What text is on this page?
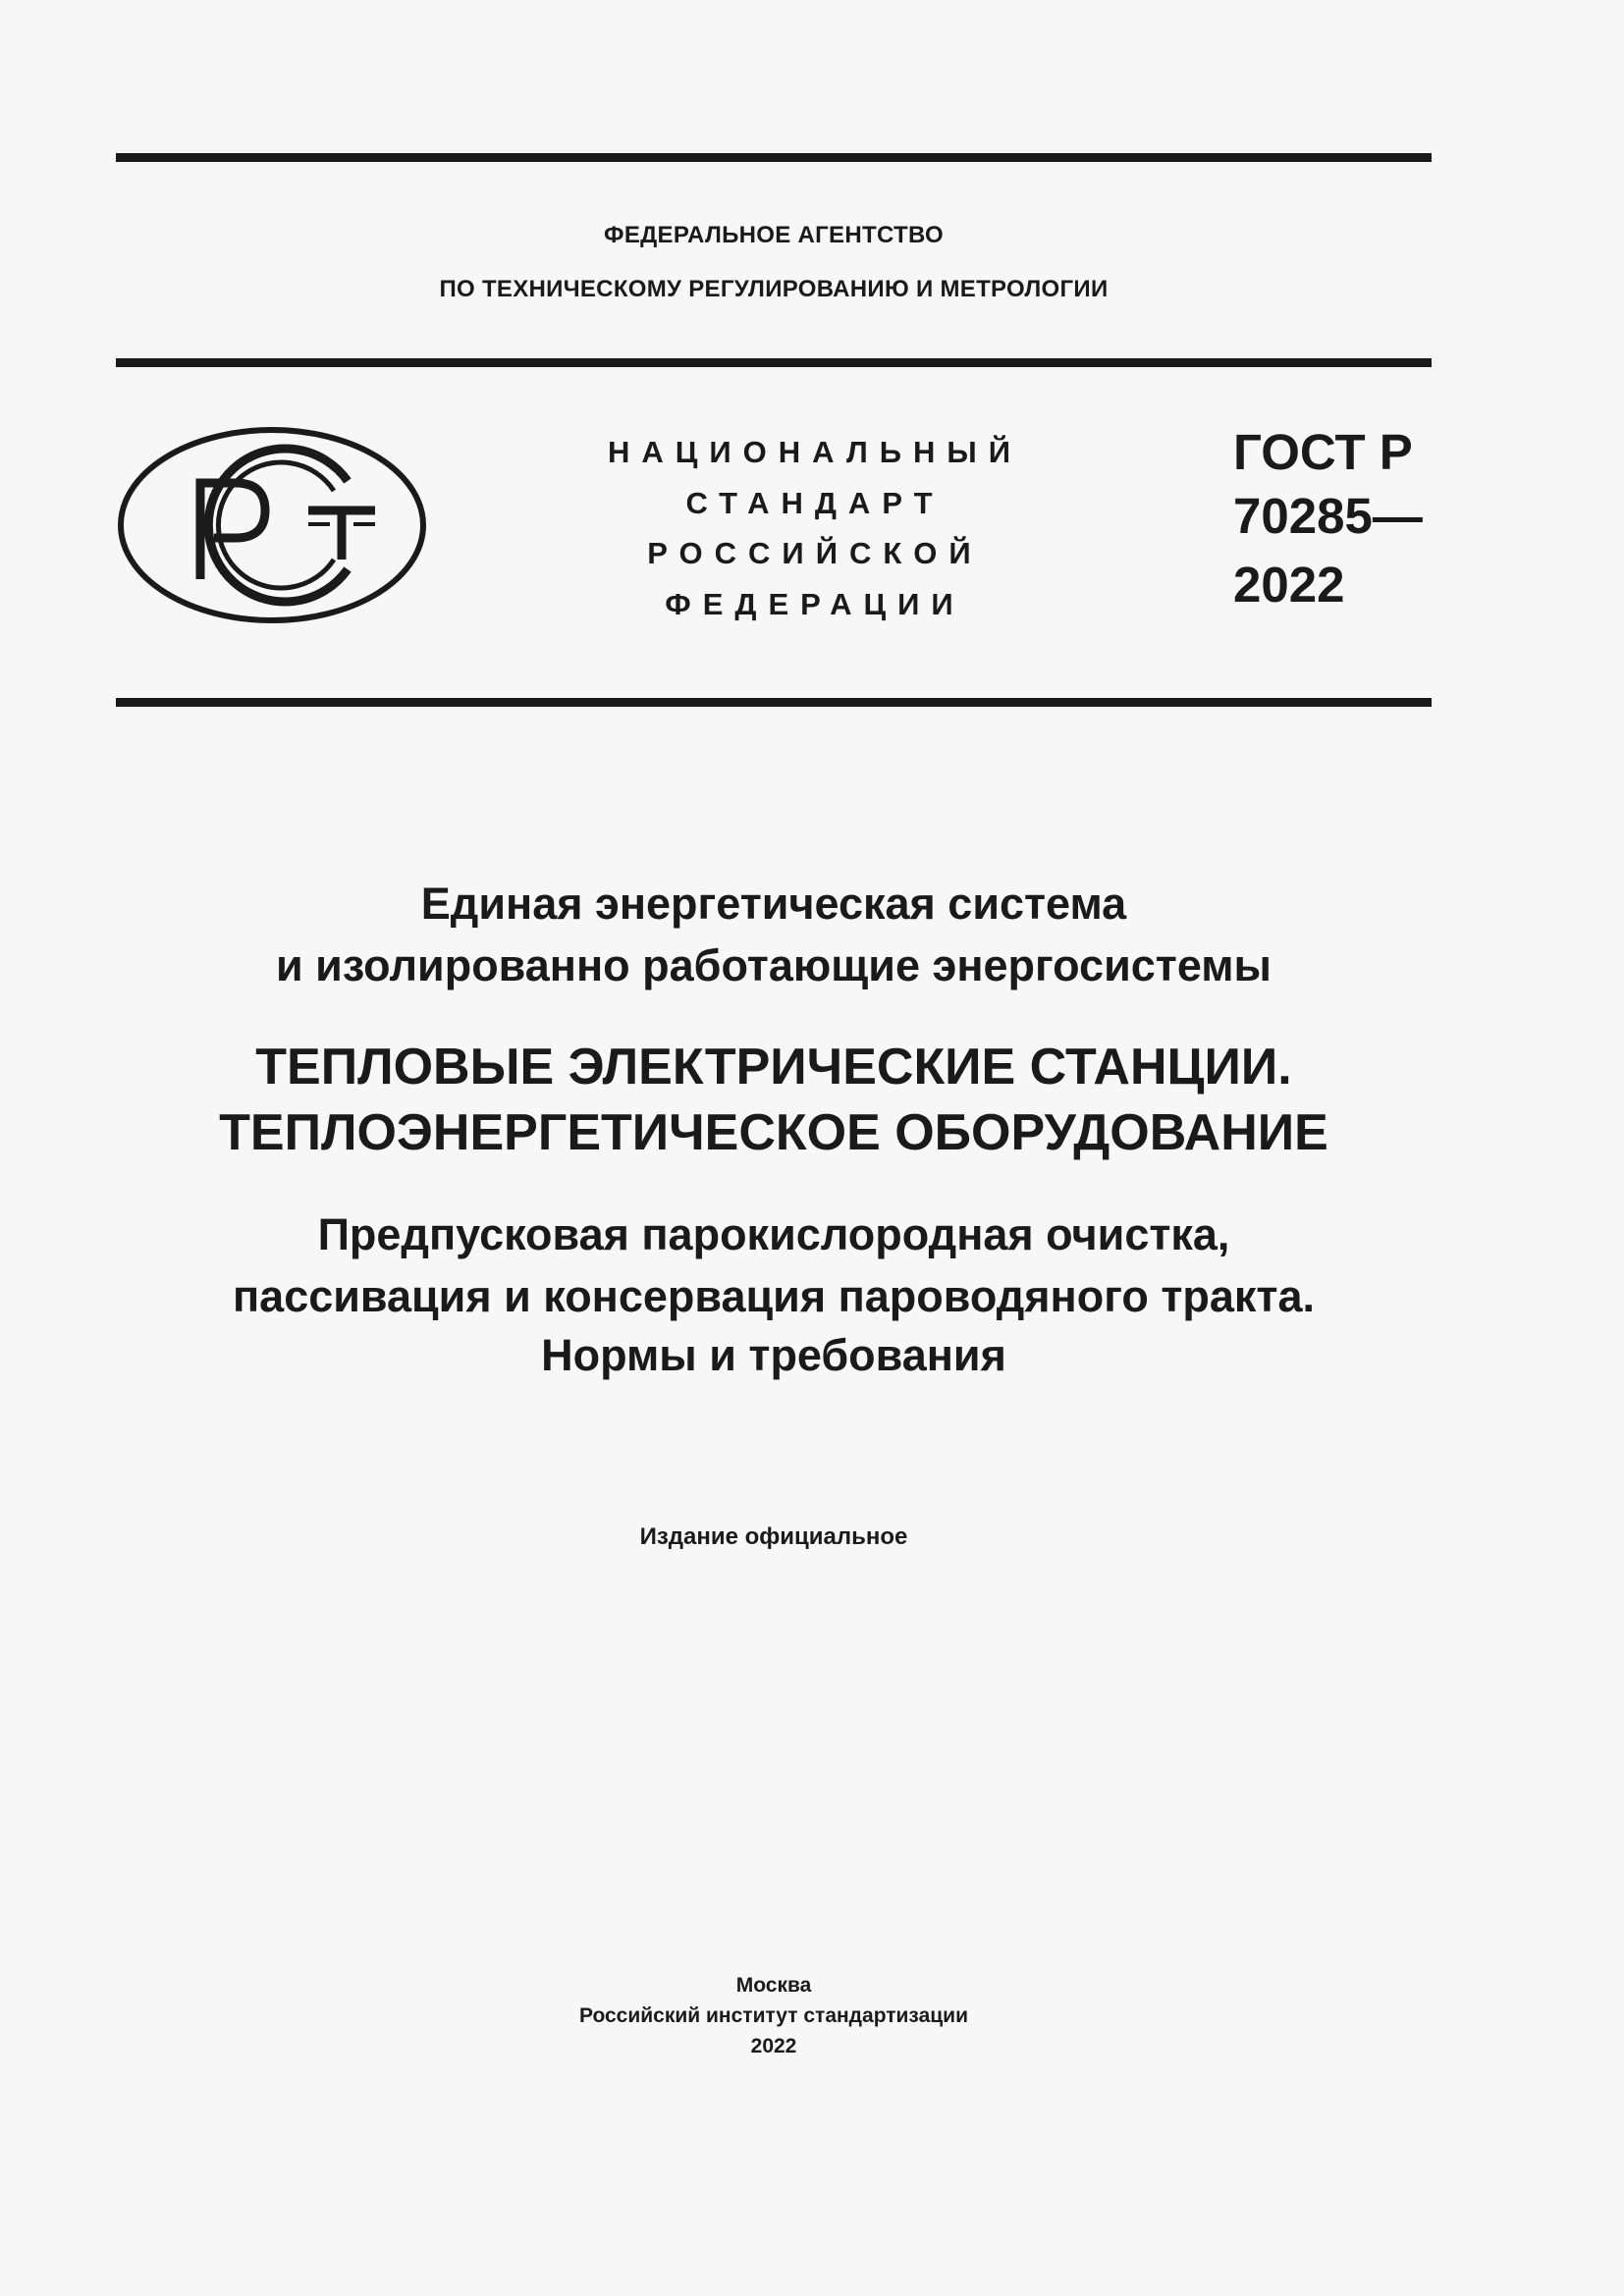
ФЕДЕРАЛЬНОЕ АГЕНТСТВО
ПО ТЕХНИЧЕСКОМУ РЕГУЛИРОВАНИЮ И МЕТРОЛОГИИ
НАЦИОНАЛЬНЫЙ
СТАНДАРТ
РОССИЙСКОЙ
ФЕДЕРАЦИИ
ГОСТ Р
70285—
2022
Единая энергетическая система
и изолированно работающие энергосистемы
ТЕПЛОВЫЕ ЭЛЕКТРИЧЕСКИЕ СТАНЦИИ.
ТЕПЛОЭНЕРГЕТИЧЕСКОЕ ОБОРУДОВАНИЕ
Предпусковая парокислородная очистка,
пассивация и консервация пароводяного тракта.
Нормы и требования
Издание официальное
Москва
Российский институт стандартизации
2022
